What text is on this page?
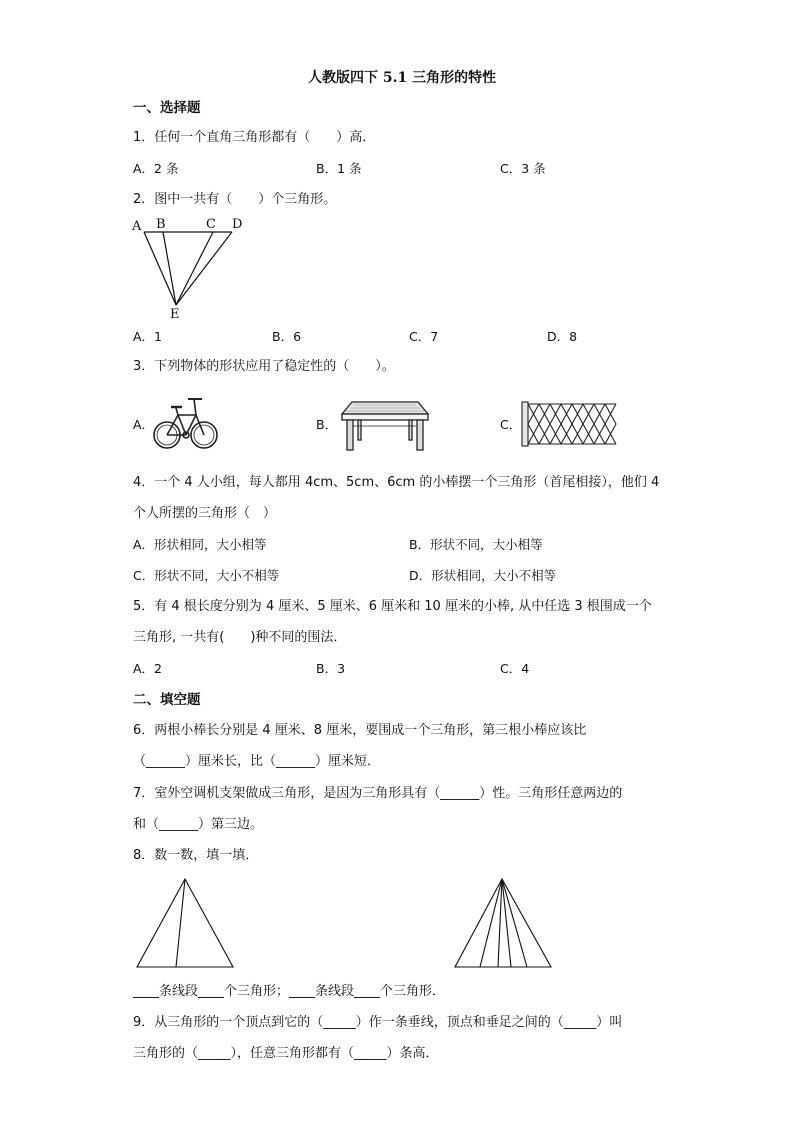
人教版四下 5.1 三角形的特性
一、选择题
1．任何一个直角三角形都有（　　）高．
A．2 条	B．1 条	C．3 条
2．图中一共有（　　）个三角形。
A B	C D
E
A．1	B．6	C．7	D．8
3．下列物体的形状应用了稳定性的（　　）。
A．	B．	C．
4．一个 4 人小组，每人都用 4cm、5cm、6cm 的小棒摆一个三角形（首尾相接），他们 4
个人所摆的三角形（　）
A．形状相同，大小相等	B．形状不同，大小相等
C．形状不同，大小不相等	D．形状相同，大小不相等
5．有 4 根长度分别为 4 厘米、5 厘米、6 厘米和 10 厘米的小棒, 从中任选 3 根围成一个
三角形, 一共有(　　)种不同的围法．
A．2	B．3	C．4
二、填空题
6．两根小棒长分别是 4 厘米、8 厘米，要围成一个三角形，第三根小棒应该比
（______）厘米长，比（______）厘米短．
7．室外空调机支架做成三角形，是因为三角形具有（______）性。三角形任意两边的
和（______）第三边。
8．数一数，填一填．
____条线段____个三角形；____条线段____个三角形．
9．从三角形的一个顶点到它的（_____）作一条垂线，顶点和垂足之间的（_____）叫
三角形的（_____），任意三角形都有（_____）条高．
